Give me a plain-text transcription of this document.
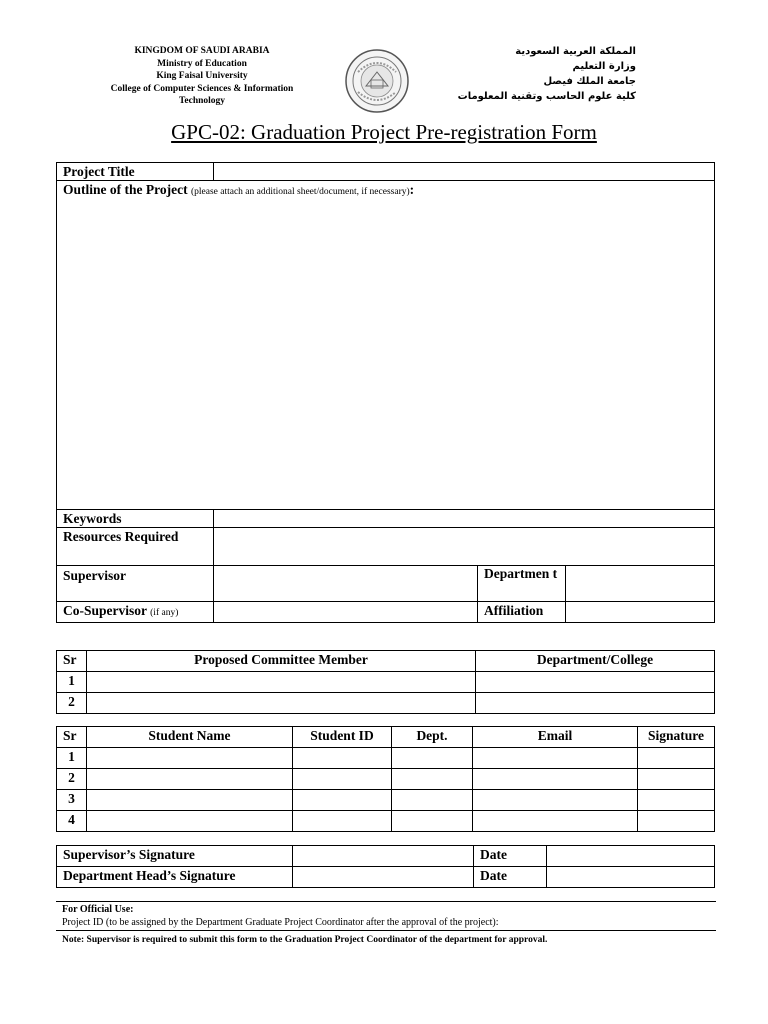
KINGDOM OF SAUDI ARABIA
Ministry of Education
King Faisal University
College of Computer Sciences & Information
Technology
المملكة العربية السعودية
وزارة التعليم
جامعة الملك فيصل
كلية علوم الحاسب وتقنية المعلومات
GPC-02: Graduation Project Pre-registration Form
Project Title			
Outline of the Project (please attach an additional sheet/document, if necessary):			
Keywords			
Resources Required			
Supervisor		Departmen t	
Co-Supervisor (if any)		Affiliation	
Sr	Proposed Committee Member	Department/College
1		
2		
Sr	Student Name	Student ID	Dept.	Email	Signature
1					
2					
3					
4					
Supervisor’s Signature		Date	
Department Head’s Signature		Date	
For Official Use:
Project ID (to be assigned by the Department Graduate Project Coordinator after the approval of the project):
Note: Supervisor is required to submit this form to the Graduation Project Coordinator of the department for approval.
